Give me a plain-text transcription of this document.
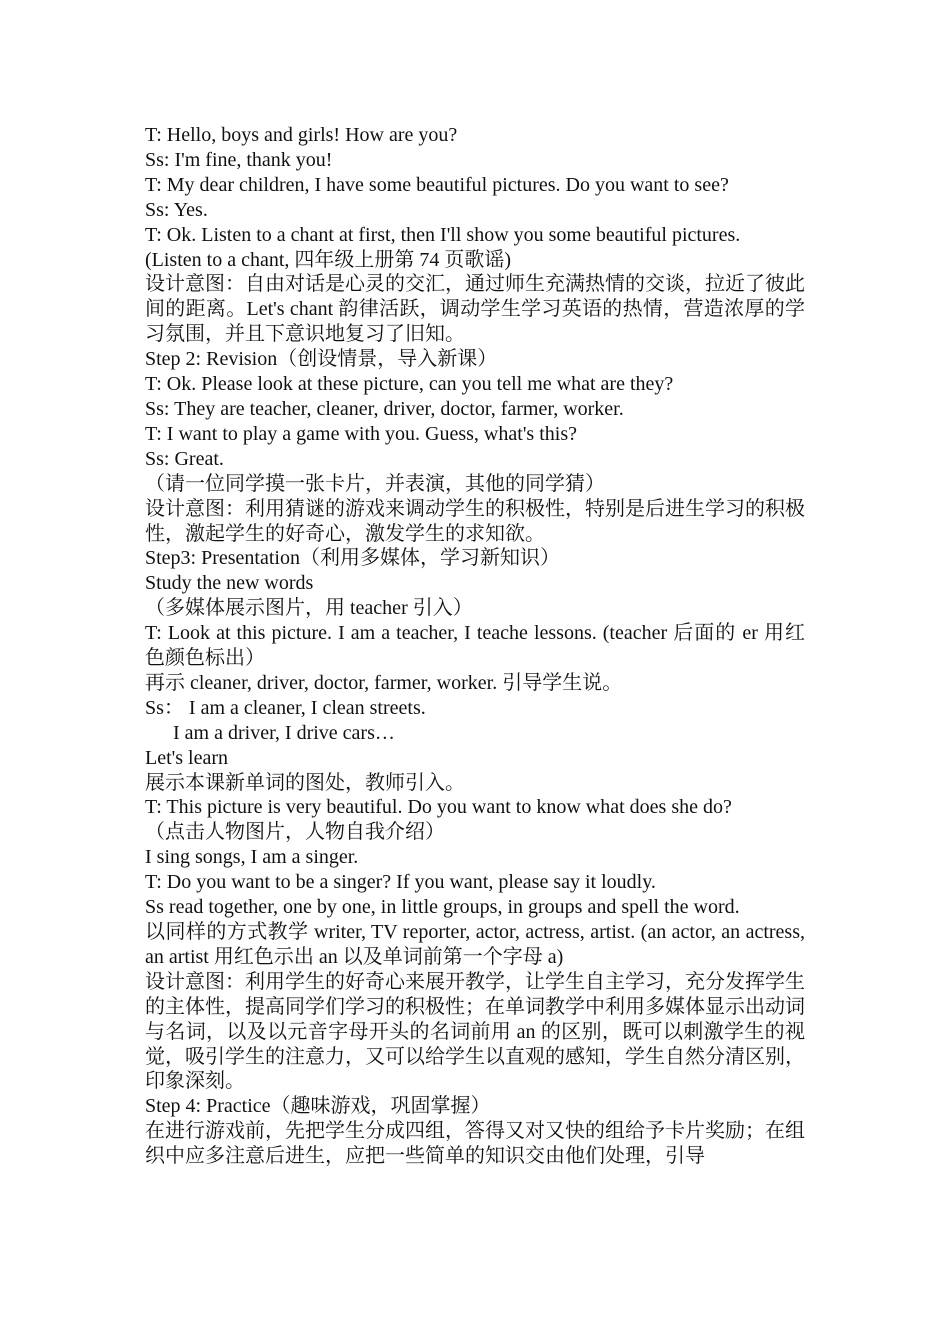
T: Hello, boys and girls! How are you?
Ss: I'm fine, thank you!
T: My dear children, I have some beautiful pictures. Do you want to see?
Ss: Yes.
T: Ok. Listen to a chant at first, then I'll show you some beautiful pictures.
(Listen to a chant, 四年级上册第 74 页歌谣)
设计意图：自由对话是心灵的交汇，通过师生充满热情的交谈，拉近了彼此间的距离。Let's chant 韵律活跃，调动学生学习英语的热情，营造浓厚的学习氛围，并且下意识地复习了旧知。
Step 2: Revision（创设情景，导入新课）
T: Ok. Please look at these picture, can you tell me what are they?
Ss: They are teacher, cleaner, driver, doctor, farmer, worker.
T: I want to play a game with you. Guess, what's this?
Ss: Great.
（请一位同学摸一张卡片，并表演，其他的同学猜）
设计意图：利用猜谜的游戏来调动学生的积极性，特别是后进生学习的积极性，激起学生的好奇心，激发学生的求知欲。
Step3: Presentation（利用多媒体，学习新知识）
Study the new words
（多媒体展示图片，用 teacher 引入）
T: Look at this picture. I am a teacher, I teache lessons. (teacher 后面的 er 用红色颜色标出）
再示 cleaner, driver, doctor, farmer, worker. 引导学生说。
Ss： I am a cleaner, I clean streets.
I am a driver, I drive cars…
Let's learn
展示本课新单词的图处，教师引入。
T: This picture is very beautiful. Do you want to know what does she do?
（点击人物图片，人物自我介绍）
I sing songs, I am a singer.
T: Do you want to be a singer? If you want, please say it loudly.
Ss read together, one by one, in little groups, in groups and spell the word.
以同样的方式教学 writer, TV reporter, actor, actress, artist. (an actor, an actress, an artist 用红色示出 an 以及单词前第一个字母 a)
设计意图：利用学生的好奇心来展开教学，让学生自主学习，充分发挥学生的主体性，提高同学们学习的积极性；在单词教学中利用多媒体显示出动词与名词，以及以元音字母开头的名词前用 an 的区别，既可以刺激学生的视觉，吸引学生的注意力，又可以给学生以直观的感知，学生自然分清区别，印象深刻。
Step 4: Practice（趣味游戏，巩固掌握）
在进行游戏前，先把学生分成四组，答得又对又快的组给予卡片奖励；在组织中应多注意后进生，应把一些简单的知识交由他们处理，引导
